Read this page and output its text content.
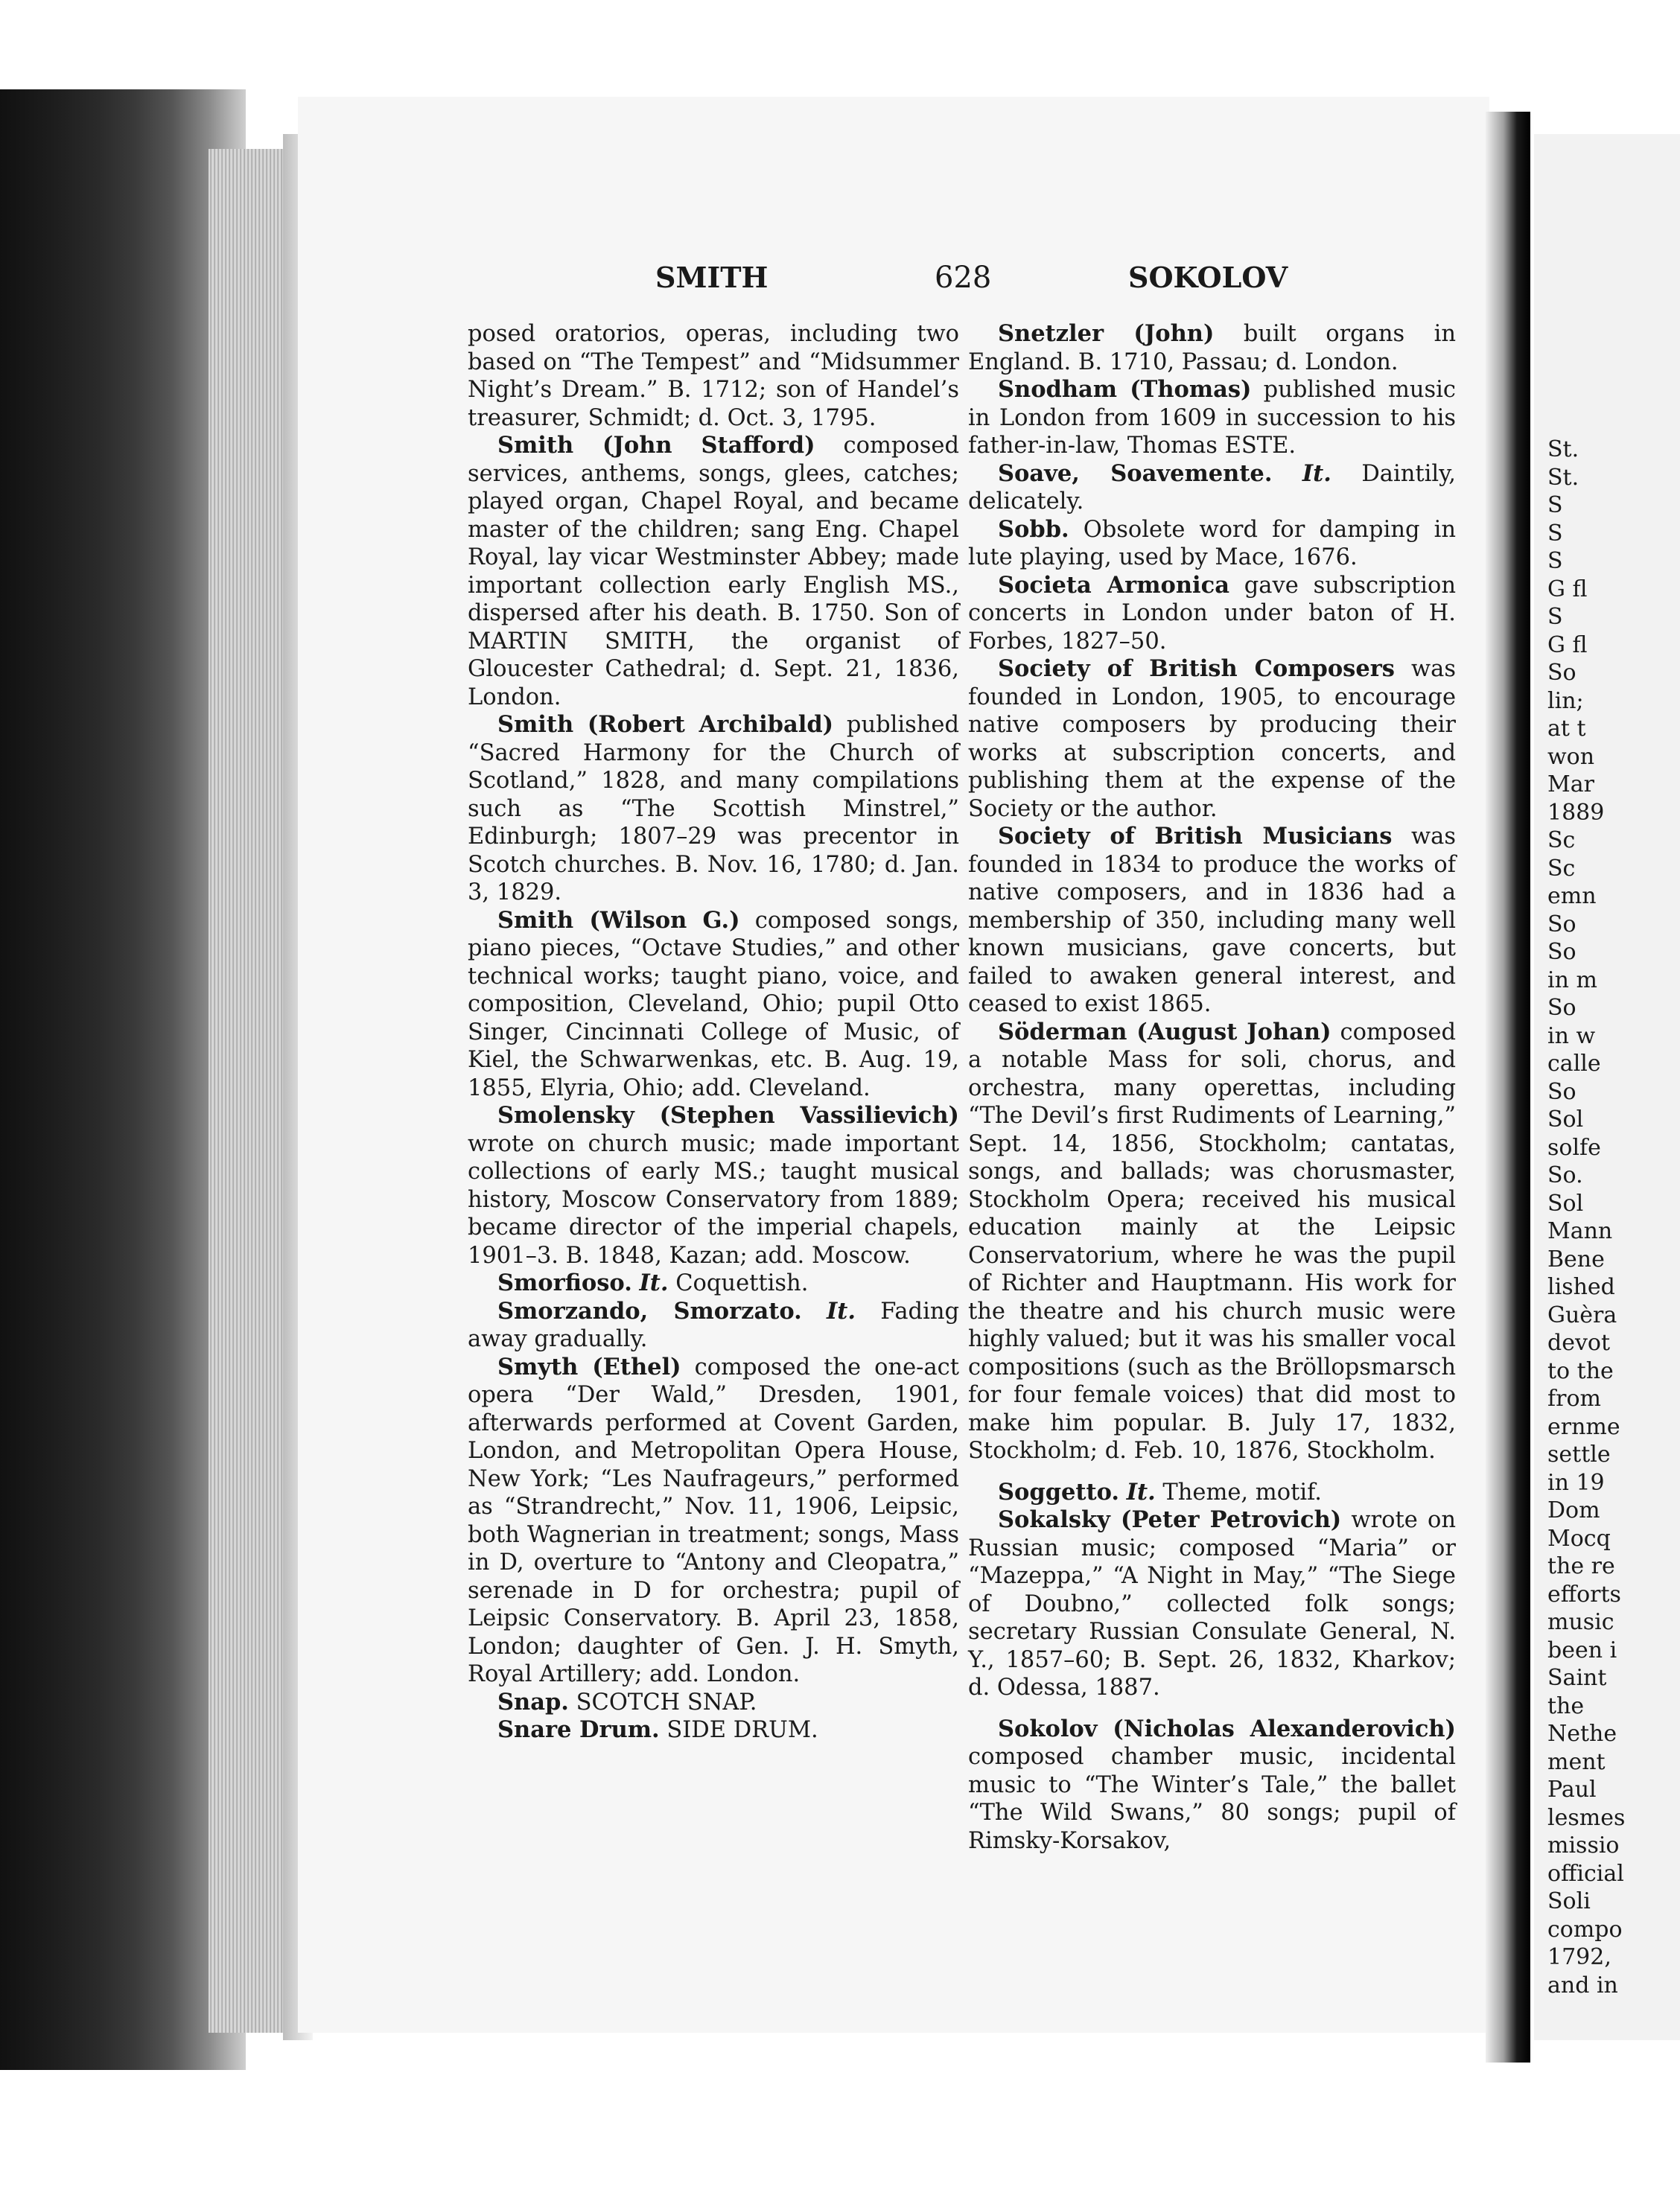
St.

St.

S

S

S

G fl

S

G fl

So

lin;

at t

won

Mar

1889

Sc

Sc

emn

So

So

in m

So

in w

calle

So

Sol

solfe

So.

Sol

Mann

Bene

lished

Guèra

devot

to the

from

ernme

settle

in 19

Dom

Mocq

the re

efforts

music

been i

Saint

the

Nethe

ment

Paul

lesmes

missio

official

Soli

compo

1792,

and in

SMITH	628	SOKOLOV

posed oratorios, operas, including two based on “The Tempest” and “Midsummer Night’s Dream.” B. 1712; son of Handel’s treasurer, Schmidt; d. Oct. 3, 1795.

Smith (John Stafford) composed services, anthems, songs, glees, catches; played organ, Chapel Royal, and became master of the children; sang Eng. Chapel Royal, lay vicar Westminster Abbey; made important collection early English MS., dispersed after his death. B. 1750. Son of MARTIN SMITH, the organist of Gloucester Cathedral; d. Sept. 21, 1836, London.

Smith (Robert Archibald) published “Sacred Harmony for the Church of Scotland,” 1828, and many compilations such as “The Scottish Minstrel,” Edinburgh; 1807–29 was precentor in Scotch churches. B. Nov. 16, 1780; d. Jan. 3, 1829.

Smith (Wilson G.) composed songs, piano pieces, “Octave Studies,” and other technical works; taught piano, voice, and composition, Cleveland, Ohio; pupil Otto Singer, Cincinnati College of Music, of Kiel, the Schwarwenkas, etc. B. Aug. 19, 1855, Elyria, Ohio; add. Cleveland.

Smolensky (Stephen Vassilievich) wrote on church music; made important collections of early MS.; taught musical history, Moscow Conservatory from 1889; became director of the imperial chapels, 1901–3. B. 1848, Kazan; add. Moscow.

Smorfioso. It. Coquettish.

Smorzando, Smorzato. It. Fading away gradually.

Smyth (Ethel) composed the one-act opera “Der Wald,” Dresden, 1901, afterwards performed at Covent Garden, London, and Metropolitan Opera House, New York; “Les Naufrageurs,” performed as “Strandrecht,” Nov. 11, 1906, Leipsic, both Wagnerian in treatment; songs, Mass in D, overture to “Antony and Cleopatra,” serenade in D for orchestra; pupil of Leipsic Conservatory. B. April 23, 1858, London; daughter of Gen. J. H. Smyth, Royal Artillery; add. London.

Snap. SCOTCH SNAP.

Snare Drum. SIDE DRUM.

Snetzler (John) built organs in England. B. 1710, Passau; d. London.

Snodham (Thomas) published music in London from 1609 in succession to his father-in-law, Thomas ESTE.

Soave, Soavemente. It. Daintily, delicately.

Sobb. Obsolete word for damping in lute playing, used by Mace, 1676.

Societa Armonica gave subscription concerts in London under baton of H. Forbes, 1827–50.

Society of British Composers was founded in London, 1905, to encourage native composers by producing their works at subscription concerts, and publishing them at the expense of the Society or the author.

Society of British Musicians was founded in 1834 to produce the works of native composers, and in 1836 had a membership of 350, including many well known musicians, gave concerts, but failed to awaken general interest, and ceased to exist 1865.

Söderman (August Johan) composed a notable Mass for soli, chorus, and orchestra, many operettas, including “The Devil’s first Rudiments of Learning,” Sept. 14, 1856, Stockholm; cantatas, songs, and ballads; was chorusmaster, Stockholm Opera; received his musical education mainly at the Leipsic Conservatorium, where he was the pupil of Richter and Hauptmann. His work for the theatre and his church music were highly valued; but it was his smaller vocal compositions (such as the Bröllopsmarsch for four female voices) that did most to make him popular. B. July 17, 1832, Stockholm; d. Feb. 10, 1876, Stockholm.

Soggetto. It. Theme, motif.

Sokalsky (Peter Petrovich) wrote on Russian music; composed “Maria” or “Mazeppa,” “A Night in May,” “The Siege of Doubno,” collected folk songs; secretary Russian Consulate General, N. Y., 1857–60; B. Sept. 26, 1832, Kharkov; d. Odessa, 1887.

Sokolov (Nicholas Alexanderovich) composed chamber music, incidental music to “The Winter’s Tale,” the ballet “The Wild Swans,” 80 songs; pupil of Rimsky-Korsakov,
